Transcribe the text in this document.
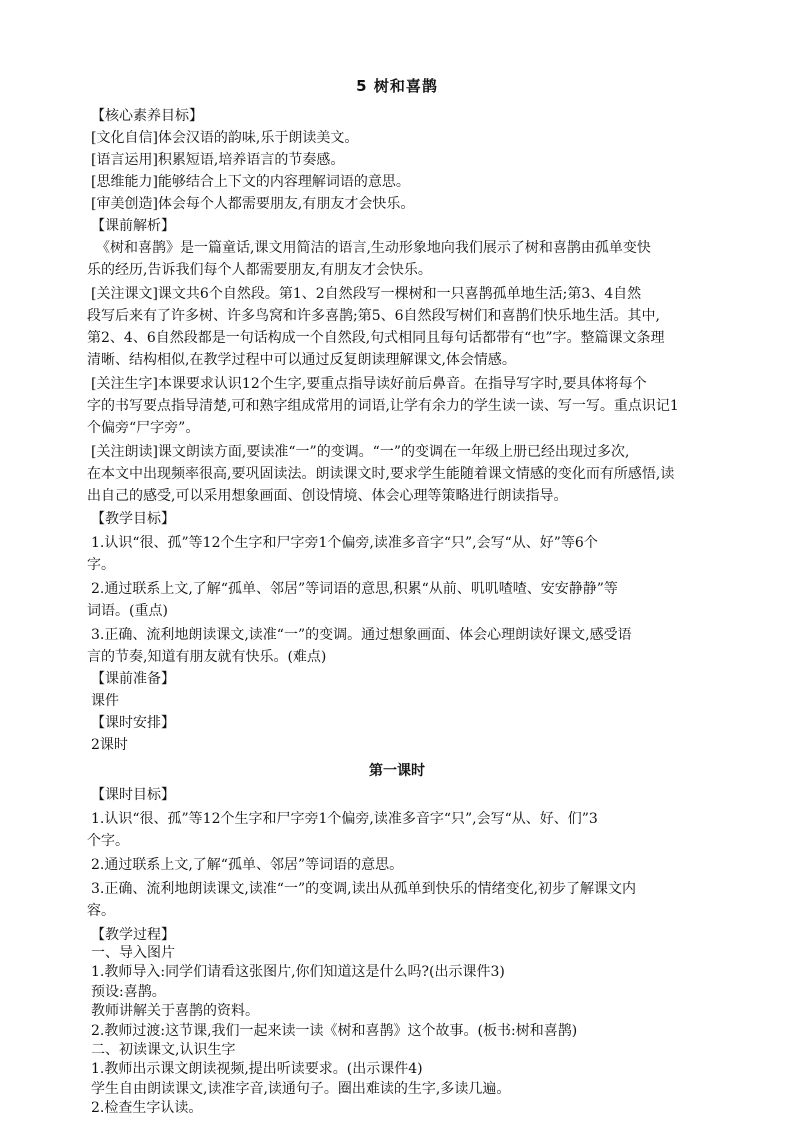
5 树和喜鹊
【核心素养目标】
[文化自信]体会汉语的韵味,乐于朗读美文。
[语言运用]积累短语,培养语言的节奏感。
[思维能力]能够结合上下文的内容理解词语的意思。
[审美创造]体会每个人都需要朋友,有朋友才会快乐。
【课前解析】
《树和喜鹊》是一篇童话,课文用简洁的语言,生动形象地向我们展示了树和喜鹊由孤单变快
乐的经历,告诉我们每个人都需要朋友,有朋友才会快乐。
[关注课文]课文共6个自然段。第1、2自然段写一棵树和一只喜鹊孤单地生活;第3、4自然
段写后来有了许多树、许多鸟窝和许多喜鹊;第5、6自然段写树们和喜鹊们快乐地生活。其中,
第2、4、6自然段都是一句话构成一个自然段,句式相同且每句话都带有“也”字。整篇课文条理
清晰、结构相似,在教学过程中可以通过反复朗读理解课文,体会情感。
[关注生字]本课要求认识12个生字,要重点指导读好前后鼻音。在指导写字时,要具体将每个
字的书写要点指导清楚,可和熟字组成常用的词语,让学有余力的学生读一读、写一写。重点识记1
个偏旁“尸字旁”。
[关注朗读]课文朗读方面,要读准“一”的变调。“一”的变调在一年级上册已经出现过多次,
在本文中出现频率很高,要巩固读法。朗读课文时,要求学生能随着课文情感的变化而有所感悟,读
出自己的感受,可以采用想象画面、创设情境、体会心理等策略进行朗读指导。
【教学目标】
1.认识“很、孤”等12个生字和尸字旁1个偏旁,读准多音字“只”,会写“从、好”等6个
字。
2.通过联系上文,了解“孤单、邻居”等词语的意思,积累“从前、叽叽喳喳、安安静静”等
词语。(重点)
3.正确、流利地朗读课文,读准“一”的变调。通过想象画面、体会心理朗读好课文,感受语
言的节奏,知道有朋友就有快乐。(难点)
【课前准备】
课件
【课时安排】
2课时
第一课时
【课时目标】
1.认识“很、孤”等12个生字和尸字旁1个偏旁,读准多音字“只”,会写“从、好、们”3
个字。
2.通过联系上文,了解“孤单、邻居”等词语的意思。
3.正确、流利地朗读课文,读准“一”的变调,读出从孤单到快乐的情绪变化,初步了解课文内
容。
【教学过程】
一、导入图片
1.教师导入:同学们请看这张图片,你们知道这是什么吗?(出示课件3)
预设:喜鹊。
教师讲解关于喜鹊的资料。
2.教师过渡:这节课,我们一起来读一读《树和喜鹊》这个故事。(板书:树和喜鹊)
二、初读课文,认识生字
1.教师出示课文朗读视频,提出听读要求。(出示课件4)
学生自由朗读课文,读准字音,读通句子。圈出难读的生字,多读几遍。
2.检查生字认读。
